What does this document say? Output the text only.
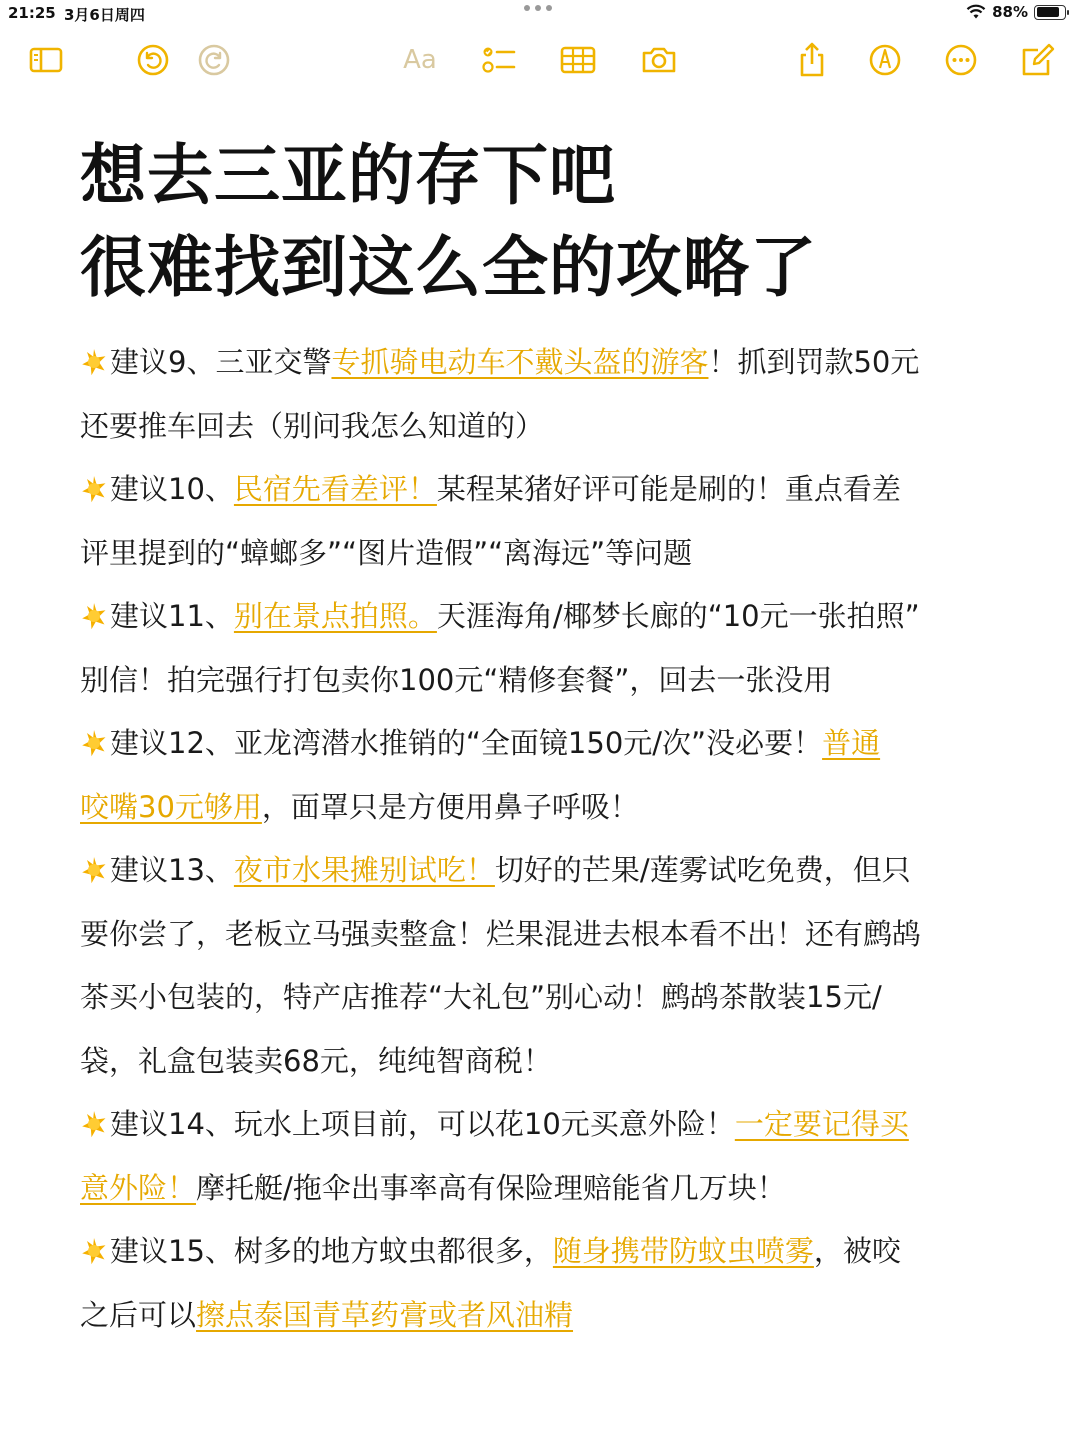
21:25 3月6日周四	88%
Aa
想去三亚的存下吧
很难找到这么全的攻略了
建议9、三亚交警专抓骑电动车不戴头盔的游客！抓到罚款50元
还要推车回去（别问我怎么知道的）
建议10、民宿先看差评！某程某猪好评可能是刷的！重点看差
评里提到的“蟑螂多”“图片造假”“离海远”等问题
建议11、别在景点拍照。天涯海角/椰梦长廊的“10元一张拍照”
别信！拍完强行打包卖你100元“精修套餐”，回去一张没用
建议12、亚龙湾潜水推销的“全面镜150元/次”没必要！普通
咬嘴30元够用，面罩只是方便用鼻子呼吸！
建议13、夜市水果摊别试吃！切好的芒果/莲雾试吃免费，但只
要你尝了，老板立马强卖整盒！烂果混进去根本看不出！还有鹧鸪
茶买小包装的，特产店推荐“大礼包”别心动！鹧鸪茶散装15元/
袋，礼盒包装卖68元，纯纯智商税！
建议14、玩水上项目前，可以花10元买意外险！一定要记得买
意外险！摩托艇/拖伞出事率高有保险理赔能省几万块！
建议15、树多的地方蚊虫都很多，随身携带防蚊虫喷雾，被咬
之后可以擦点泰国青草药膏或者风油精
